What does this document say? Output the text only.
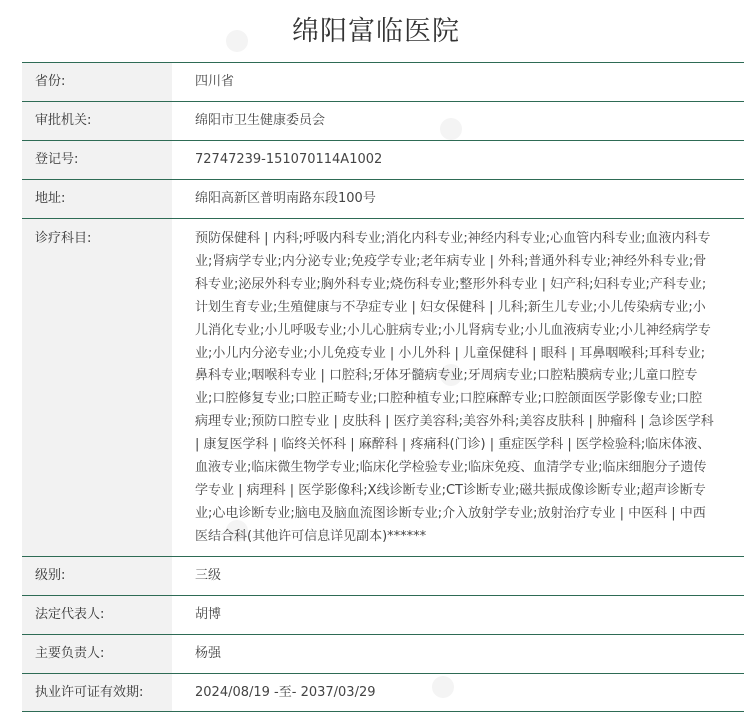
绵阳富临医院
省份:	四川省
审批机关:	绵阳市卫生健康委员会
登记号:	72747239-151070114A1002
地址:	绵阳高新区普明南路东段100号
诊疗科目:	预防保健科 | 内科;呼吸内科专业;消化内科专业;神经内科专业;心血管内科专业;血液内科专业;肾病学专业;内分泌专业;免疫学专业;老年病专业 | 外科;普通外科专业;神经外科专业;骨科专业;泌尿外科专业;胸外科专业;烧伤科专业;整形外科专业 | 妇产科;妇科专业;产科专业;计划生育专业;生殖健康与不孕症专业 | 妇女保健科 | 儿科;新生儿专业;小儿传染病专业;小儿消化专业;小儿呼吸专业;小儿心脏病专业;小儿肾病专业;小儿血液病专业;小儿神经病学专业;小儿内分泌专业;小儿免疫专业 | 小儿外科 | 儿童保健科 | 眼科 | 耳鼻咽喉科;耳科专业;鼻科专业;咽喉科专业 | 口腔科;牙体牙髓病专业;牙周病专业;口腔粘膜病专业;儿童口腔专业;口腔修复专业;口腔正畸专业;口腔种植专业;口腔麻醉专业;口腔颌面医学影像专业;口腔病理专业;预防口腔专业 | 皮肤科 | 医疗美容科;美容外科;美容皮肤科 | 肿瘤科 | 急诊医学科 | 康复医学科 | 临终关怀科 | 麻醉科 | 疼痛科(门诊) | 重症医学科 | 医学检验科;临床体液、血液专业;临床微生物学专业;临床化学检验专业;临床免疫、血清学专业;临床细胞分子遗传学专业 | 病理科 | 医学影像科;X线诊断专业;CT诊断专业;磁共振成像诊断专业;超声诊断专业;心电诊断专业;脑电及脑血流图诊断专业;介入放射学专业;放射治疗专业 | 中医科 | 中西医结合科(其他许可信息详见副本)******
级别:	三级
法定代表人:	胡博
主要负责人:	杨强
执业许可证有效期:	2024/08/19 -至- 2037/03/29
